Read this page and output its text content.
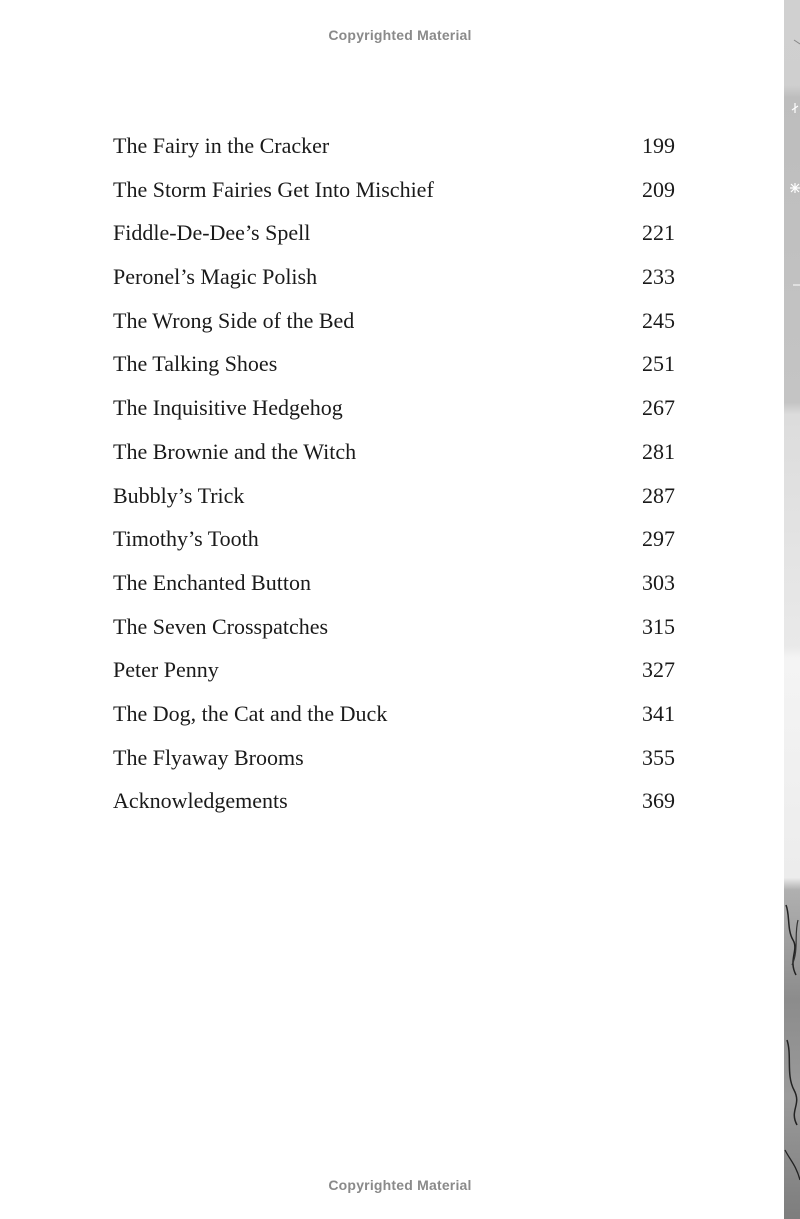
Copyrighted Material
The Fairy in the Cracker	199
The Storm Fairies Get Into Mischief	209
Fiddle-De-Dee’s Spell	221
Peronel’s Magic Polish	233
The Wrong Side of the Bed	245
The Talking Shoes	251
The Inquisitive Hedgehog	267
The Brownie and the Witch	281
Bubbly’s Trick	287
Timothy’s Tooth	297
The Enchanted Button	303
The Seven Crosspatches	315
Peter Penny	327
The Dog, the Cat and the Duck	341
The Flyaway Brooms	355
Acknowledgements	369
Copyrighted Material
